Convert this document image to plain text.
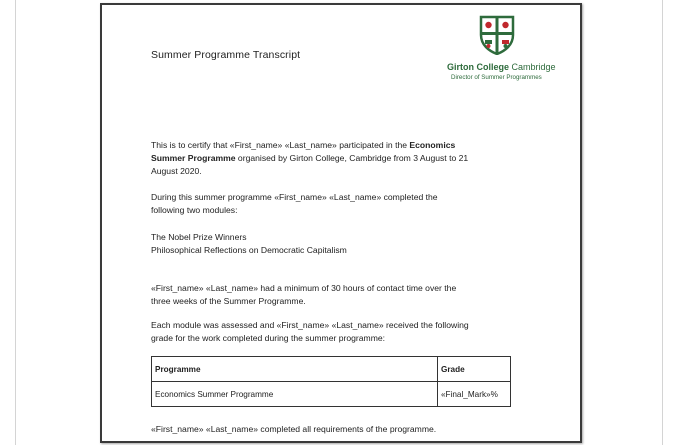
Summer Programme Transcript
Girton College Cambridge
Director of Summer Programmes
This is to certify that «First_name» «Last_name» participated in the Economics
Summer Programme organised by Girton College, Cambridge from 3 August to 21
August 2020.
During this summer programme «First_name» «Last_name» completed the
following two modules:
The Nobel Prize Winners
Philosophical Reflections on Democratic Capitalism
«First_name» «Last_name» had a minimum of 30 hours of contact time over the
three weeks of the Summer Programme.
Each module was assessed and «First_name» «Last_name» received the following
grade for the work completed during the summer programme:
Programme	Grade
Economics Summer Programme	«Final_Mark»%
«First_name» «Last_name» completed all requirements of the programme.
